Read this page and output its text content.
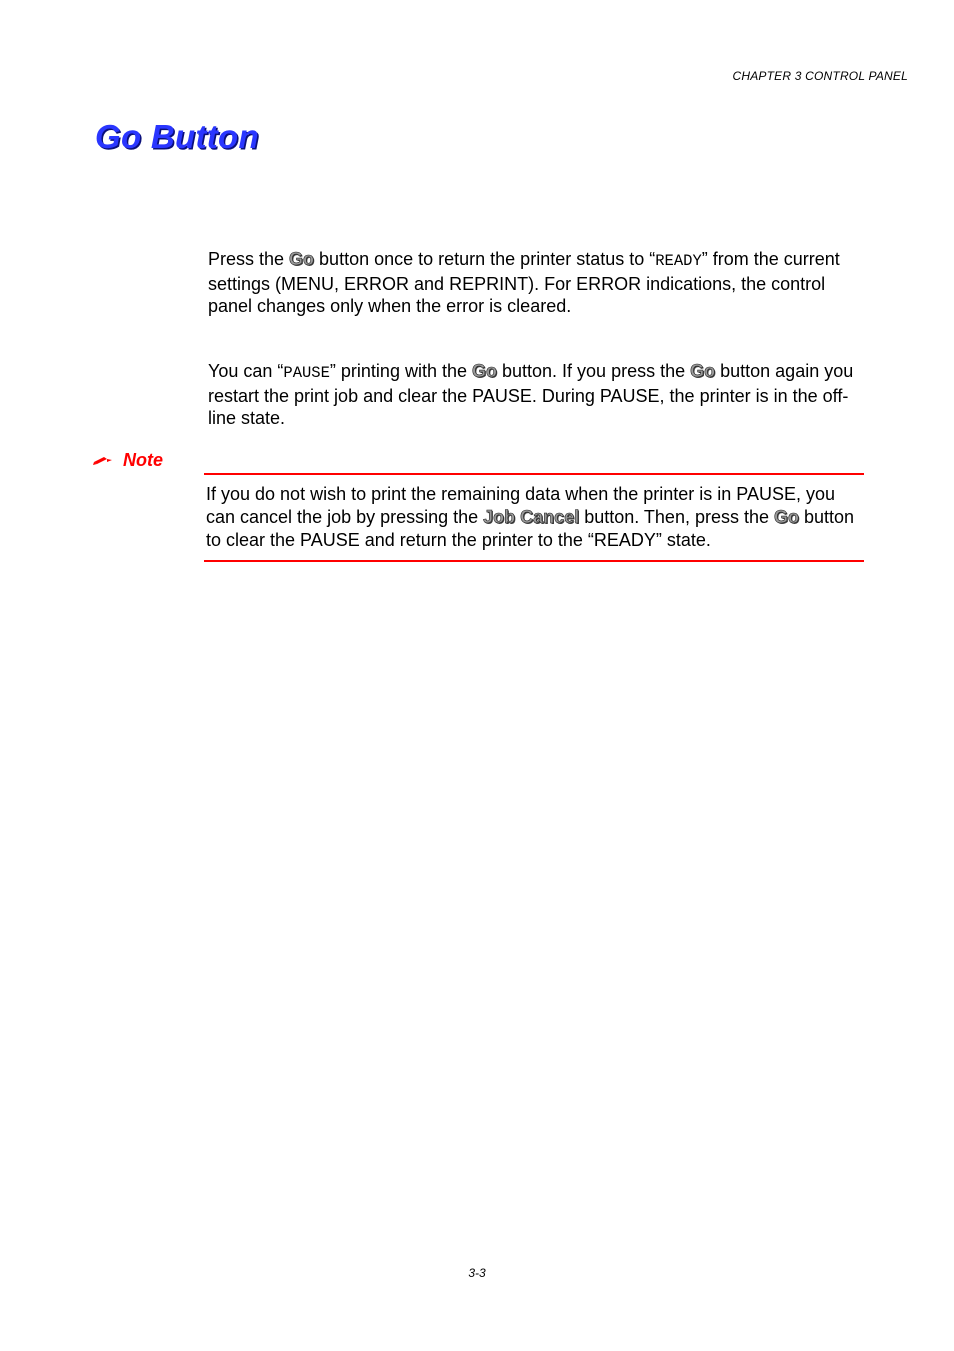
CHAPTER 3 CONTROL PANEL
Go Button

Press the Go button once to return the printer status to “READY” from the current settings (MENU, ERROR and REPRINT). For ERROR indications, the control panel changes only when the error is cleared.

You can “PAUSE” printing with the Go button. If you press the Go button again you restart the print job and clear the PAUSE. During PAUSE, the printer is in the off-line state.

Note

If you do not wish to print the remaining data when the printer is in PAUSE, you can cancel the job by pressing the Job Cancel button. Then, press the Go button to clear the PAUSE and return the printer to the “READY” state.

3-3
